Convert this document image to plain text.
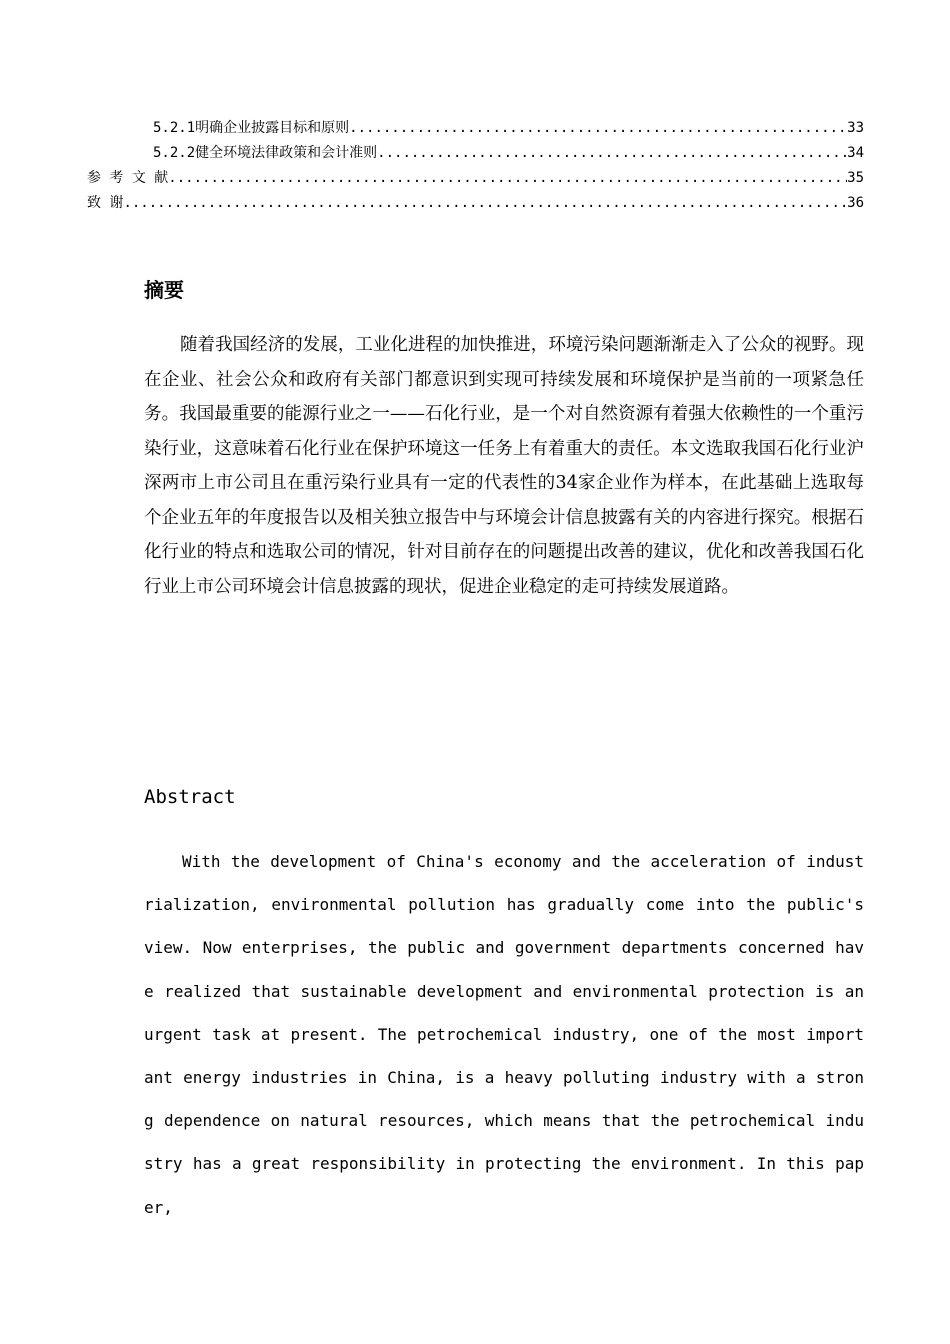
5.2.1明确企业披露目标和原则 .....	33
5.2.2健全环境法律政策和会计准则 .....	34
参 考 文 献 .....	35
致 谢 .....	36
摘要

随着我国经济的发展，工业化进程的加快推进，环境污染问题渐渐走入了公众的视野。现在企业、社会公众和政府有关部门都意识到实现可持续发展和环境保护是当前的一项紧急任务。我国最重要的能源行业之一——石化行业，是一个对自然资源有着强大依赖性的一个重污染行业，这意味着石化行业在保护环境这一任务上有着重大的责任。本文选取我国石化行业沪深两市上市公司且在重污染行业具有一定的代表性的34家企业作为样本，在此基础上选取每个企业五年的年度报告以及相关独立报告中与环境会计信息披露有关的内容进行探究。根据石化行业的特点和选取公司的情况，针对目前存在的问题提出改善的建议，优化和改善我国石化行业上市公司环境会计信息披露的现状，促进企业稳定的走可持续发展道路。

Abstract

With the development of China's economy and the acceleration of industrialization, environmental pollution has gradually come into the public's view. Now enterprises, the public and government departments concerned have realized that sustainable development and environmental protection is an urgent task at present. The petrochemical industry, one of the most important energy industries in China, is a heavy polluting industry with a strong dependence on natural resources, which means that the petrochemical industry has a great responsibility in protecting the environment. In this paper,
